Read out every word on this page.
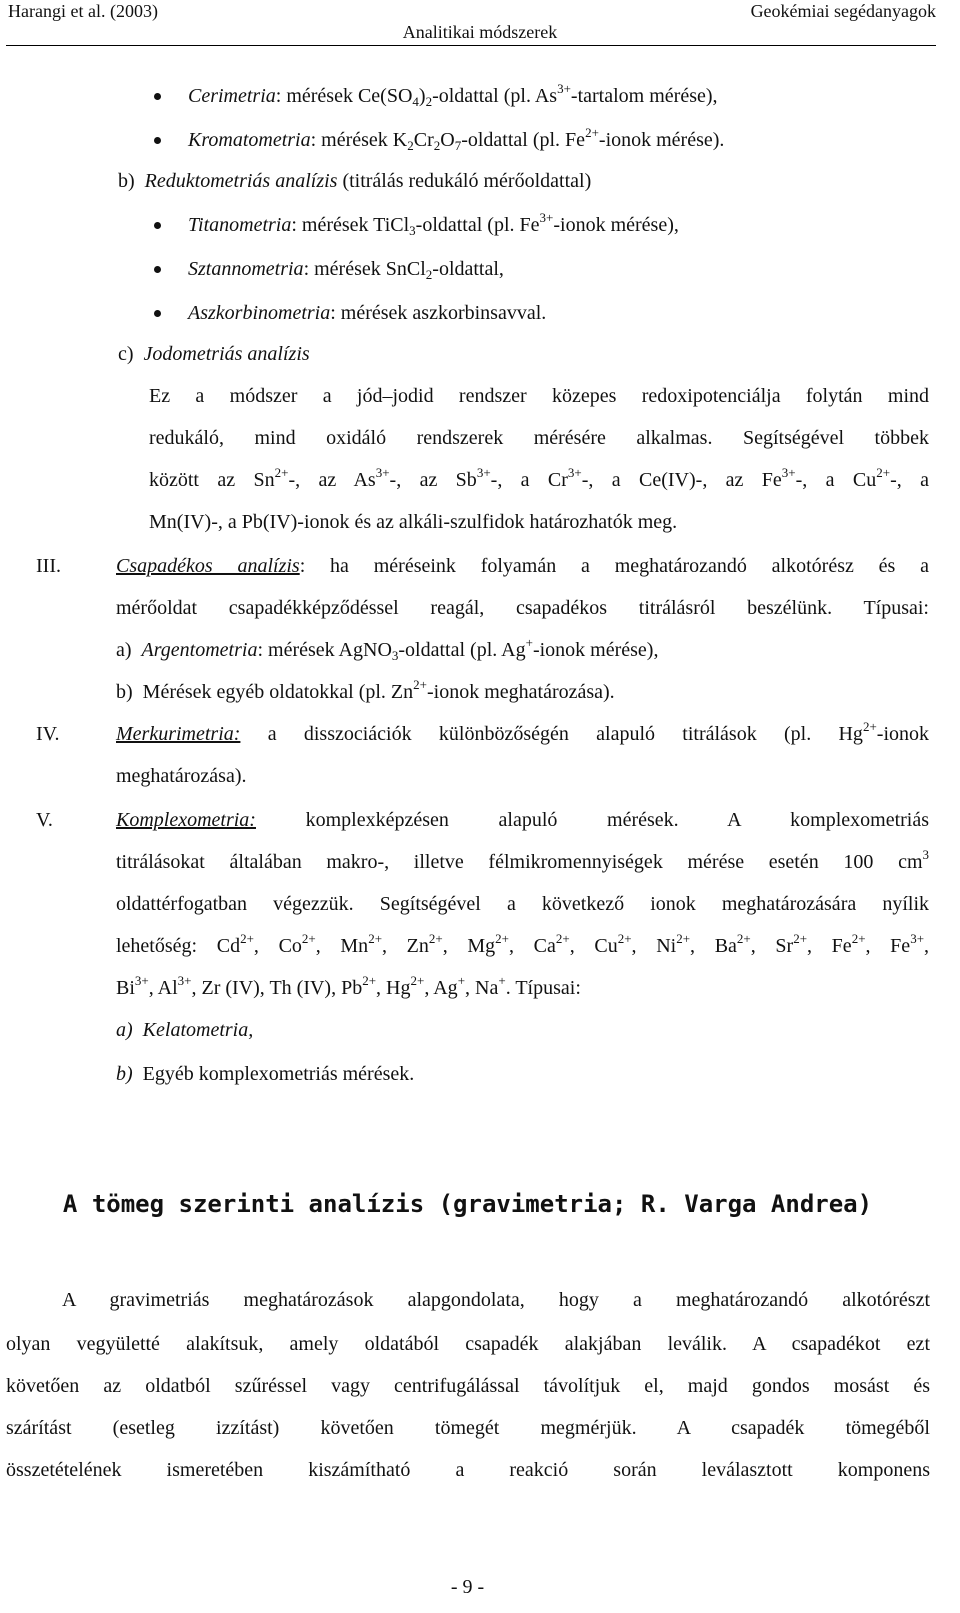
Harangi et al. (2003)	Geokémiai segédanyagok
Analitikai módszerek
Cerimetria: mérések $Ce(SO_4)_2$-oldattal (pl. $As^{3+}$-tartalom mérése),
Kromatometria: mérések $K_2Cr_2O_7$-oldattal (pl. $Fe^{2+}$-ionok mérése).
b) Reduktometriás analízis (titrálás redukáló mérőoldattal)
Titanometria: mérések TiCl$_3$-oldattal (pl. $Fe^{3+}$-ionok mérése),
Sztannometria: mérések SnCl$_2$-oldattal,
Aszkorbinometria: mérések aszkorbinsavval.
c) Jodometriás analízis
Ez a módszer a jód–jodid rendszer közepes redoxipotenciálja folytán mind
redukáló, mind oxidáló rendszerek mérésére alkalmas. Segítségével többek
között az $Sn^{2+}-$, az $As^{3+}-$, az $Sb^{3+}-$, a $Cr^{3+}-$, a Ce(IV)-, az $Fe^{3+}-$, a $Cu^{2+}-$, a
Mn(IV)-, a Pb(IV)-ionok és az alkáli-szulfidok határozhatók meg.
III.	Csapadékos analízis: ha méréseink folyamán a meghatározandó alkotórész és a
mérőoldat csapadékképződéssel reagál, csapadékos titrálásról beszélünk. Típusai:
a) Argentometria: mérések AgNO$_3$-oldattal (pl. Ag+-ionok mérése),
b) Mérések egyéb oldatokkal (pl. $Zn^{2+}$-ionok meghatározása).
IV.	Merkurimetria: a disszociációk különbözőségén alapuló titrálások (pl. $Hg^{2+}$-ionok
meghatározása).
V.	Komplexometria: komplexképzésen alapuló mérések. A komplexometriás
titrálásokat általában makro-, illetve félmikromennyiségek mérése esetén 100 $cm^3$
oldattérfogatban végezzük. Segítségével a következő ionok meghatározására nyílik
lehetőség: $Cd^{2+}$, $Co^{2+}$, $Mn^{2+}$, $Zn^{2+}$, $Mg^{2+}$, $Ca^{2+}$, $Cu^{2+}$, $Ni^{2+}$, $Ba^{2+}$, $Sr^{2+}$, $Fe^{2+}$, $Fe^{3+}$,
$Bi^{3+}$, $Al^{3+}$, Zr (IV), Th (IV), $Pb^{2+}$, $Hg^{2+}$, Ag+, Na+. Típusai:
a) Kelatometria,
b) Egyéb komplexometriás mérések.
A tömeg szerinti analízis (gravimetria; R. Varga Andrea)
A gravimetriás meghatározások alapgondolata, hogy a meghatározandó alkotórészt
olyan vegyületté alakítsuk, amely oldatából csapadék alakjában leválik. A csapadékot ezt
követően az oldatból szűréssel vagy centrifugálással távolítjuk el, majd gondos mosást és
szárítást (esetleg izzítást) követően tömegét megmérjük. A csapadék tömegéből
összetételének ismeretében kiszámítható a reakció során leválasztott komponens
- 9 -
